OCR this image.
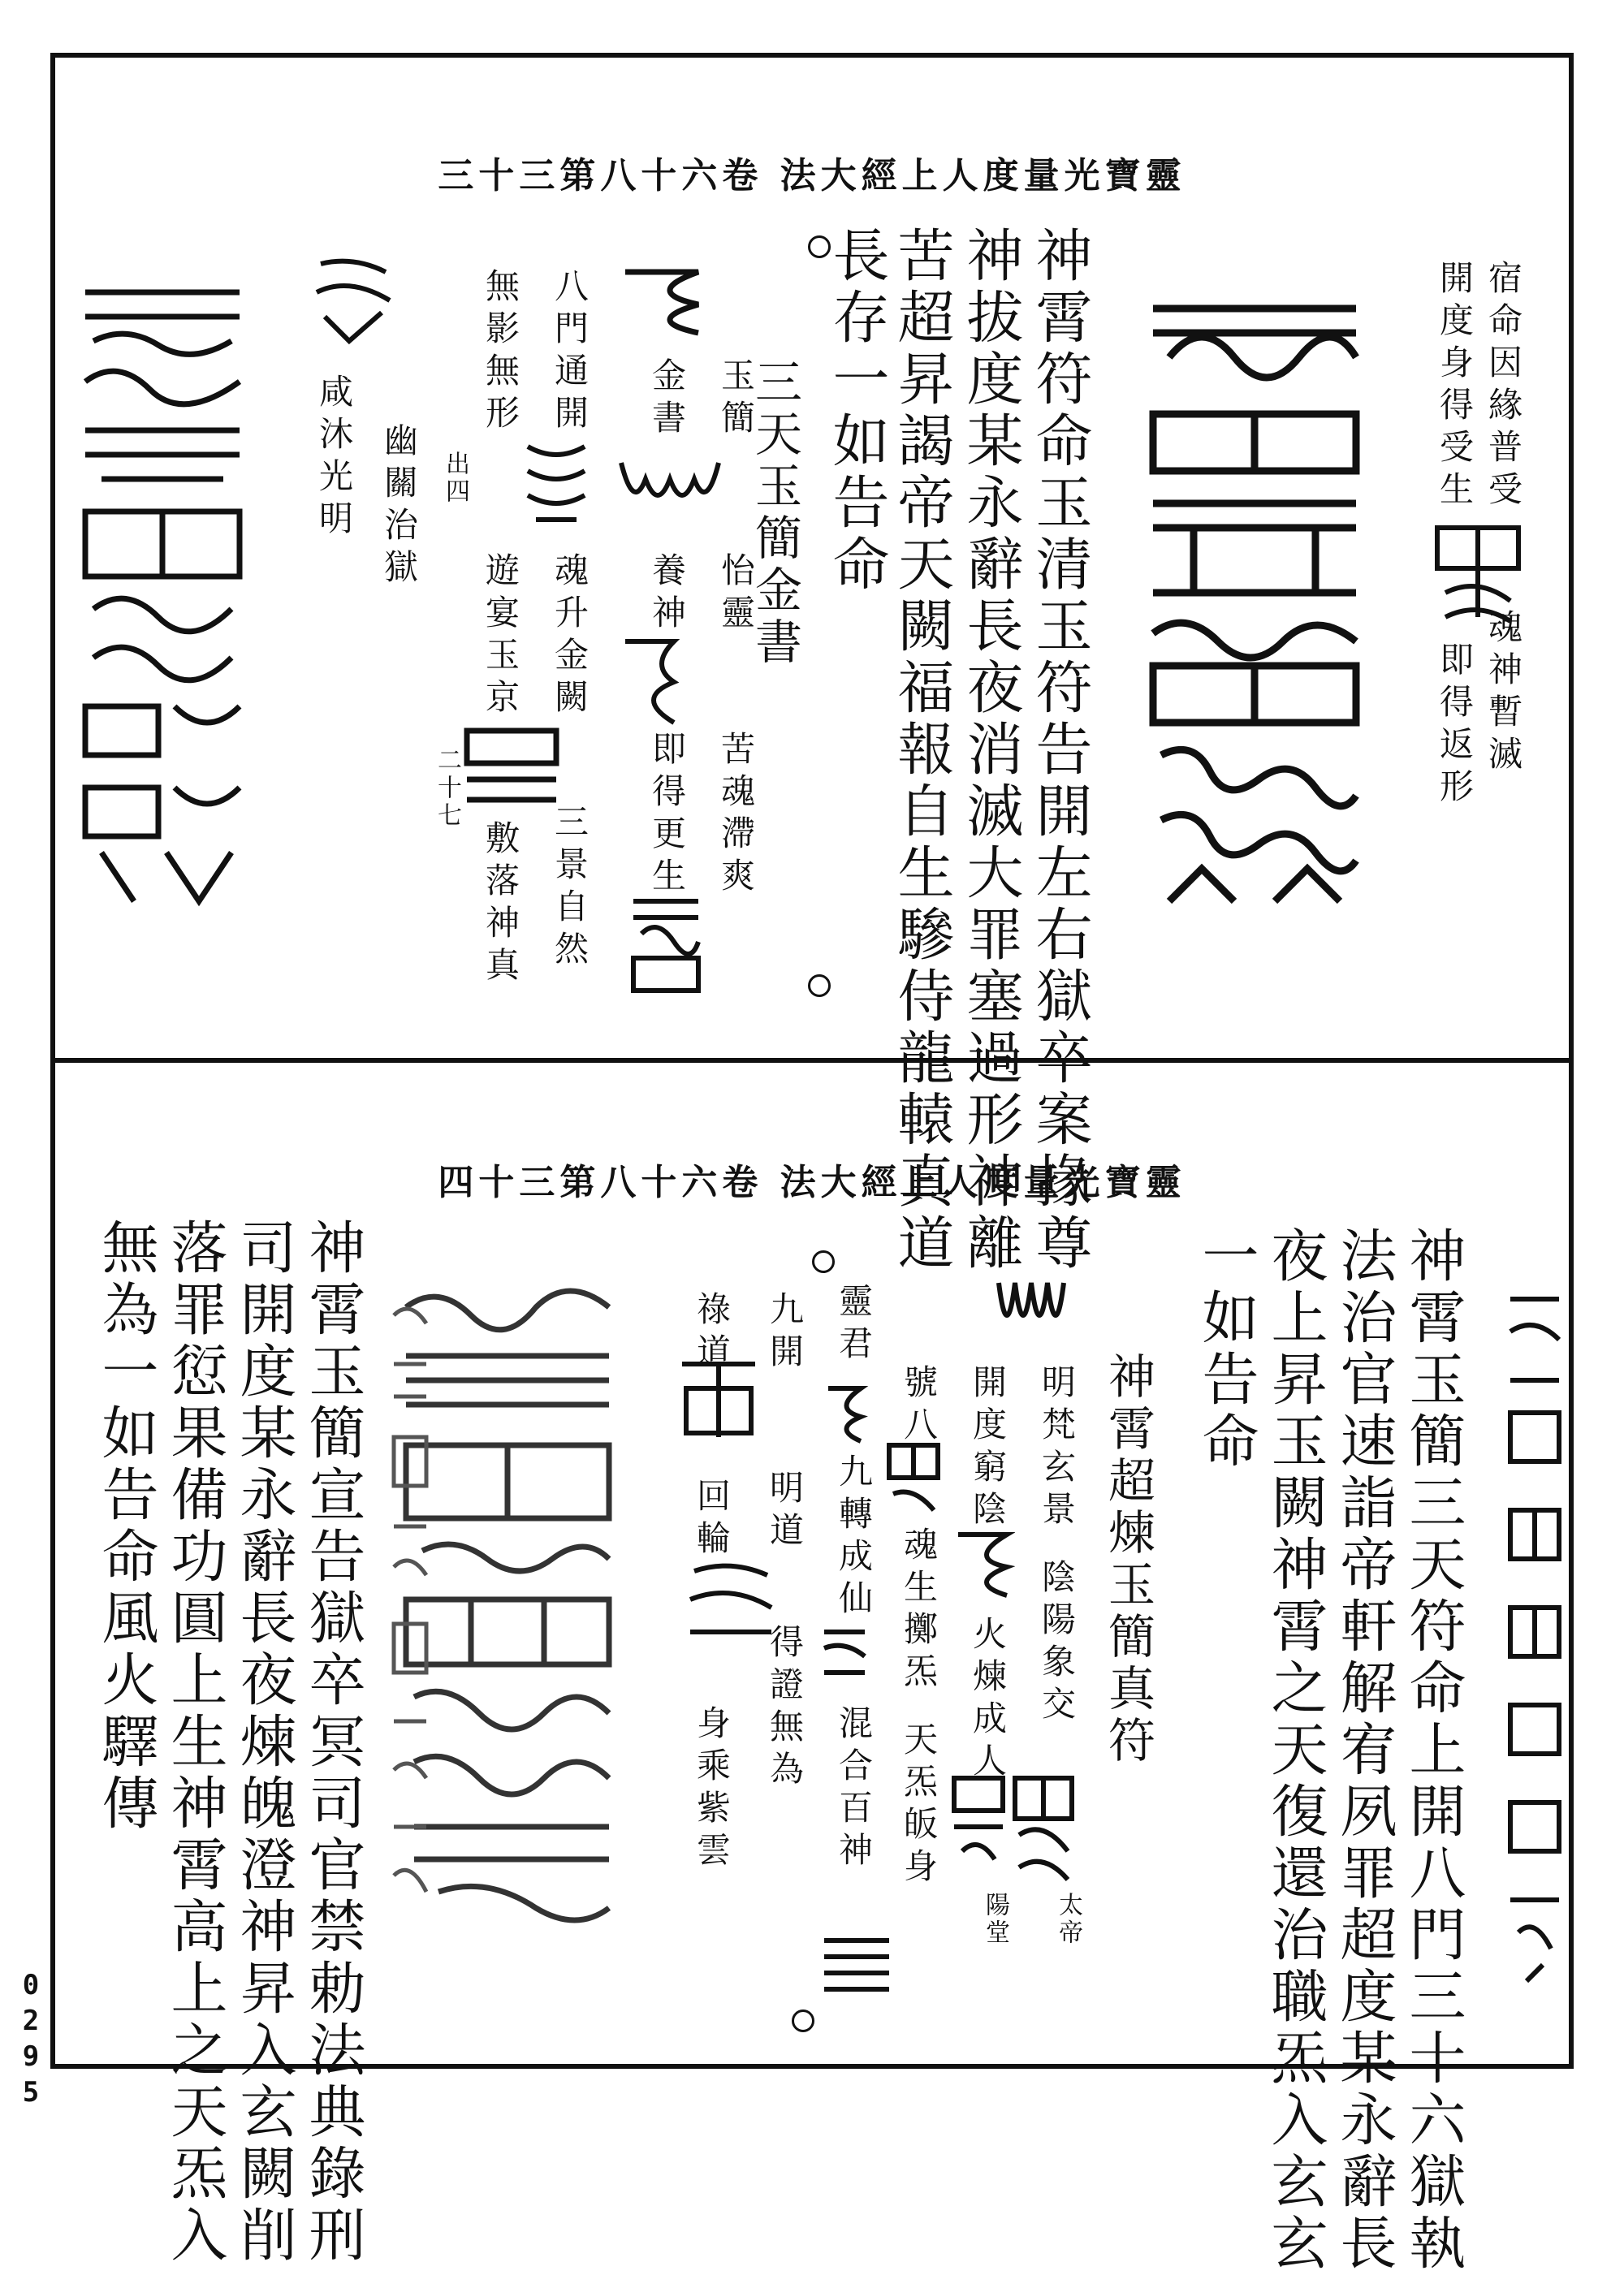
三十三第八十六卷 法大經上人度量光寶靈
宿命因緣普受
開度身得受生
魂神暫滅
即得返形
神霄符命玉清玉符告開左右獄卒案掾尊
神拔度某永辭長夜消滅大罪塞過形神離
苦超昇謁帝天闕福報自生驂侍龍轅真道
長存一如告命
三天玉簡金書
玉簡
怡靈
苦魂滯爽
金書
養神
即得更生
八門通開
魂升金闕
無影無形
遊宴玉京
三景自然
敷落神真
出四
二十七
幽關治獄
咸沐光明
四十三第八十六卷 法大經上人度量光寶靈
神霄玉簡三天符命上開八門三十六獄執
法治官速詣帝軒解宥夙罪超度某永辭長
夜上昇玉闕神霄之天復還治職炁入玄玄
一如告命
神霄超煉玉簡真符
明梵玄景
陰陽象交
太帝
開度窮陰
火煉成人
陽堂
號八
魂生擲炁
天炁皈身
靈君
九轉成仙
混合百神
九開
明道
得證無為
祿道
回輪
身乘紫雲
神霄玉簡宣告獄卒冥司官禁勅法典錄刑
司開度某永辭長夜煉魄澄神昇入玄闕削
落罪愆果備功圓上生神霄高上之天炁入
無為一如告命風火驛傳
0295
